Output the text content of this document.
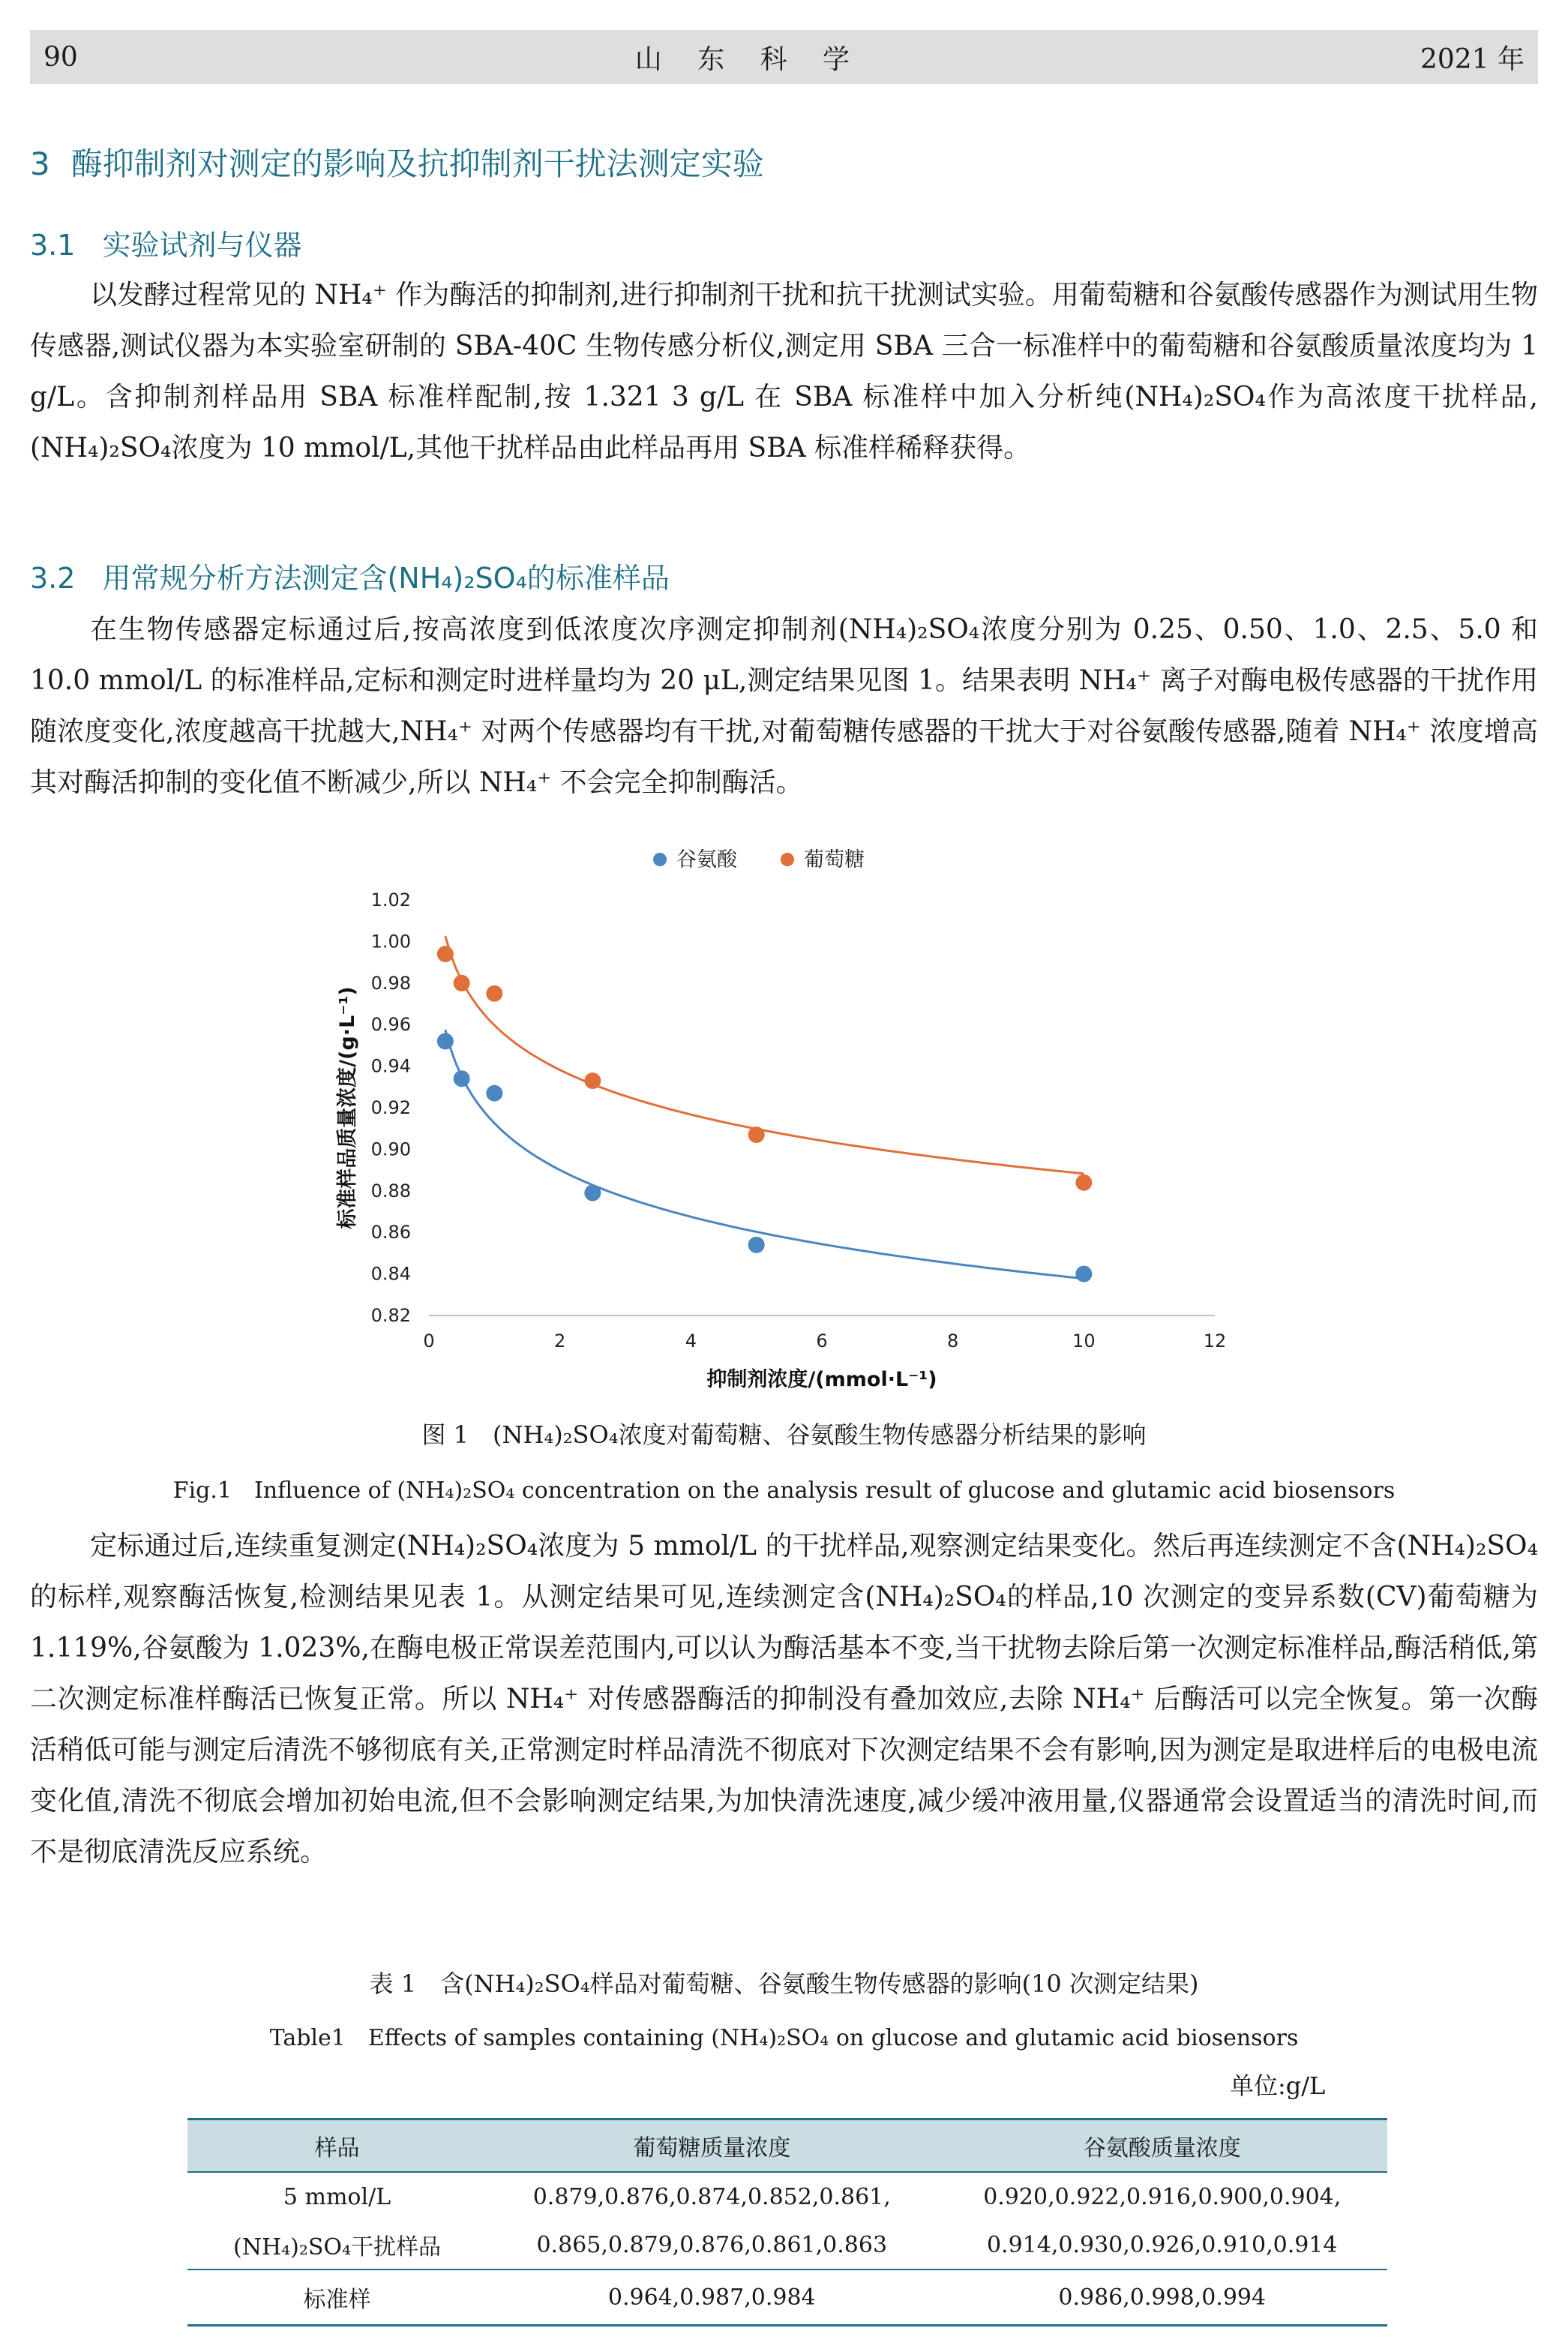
90	山 东 科 学	2021 年
3 酶抑制剂对测定的影响及抗抑制剂干扰法测定实验
3.1 实验试剂与仪器

以发酵过程常见的 NH₄⁺ 作为酶活的抑制剂,进行抑制剂干扰和抗干扰测试实验。用葡萄糖和谷氨酸传感器作为测试用生物传感器,测试仪器为本实验室研制的 SBA-40C 生物传感分析仪,测定用 SBA 三合一标准样中的葡萄糖和谷氨酸质量浓度均为 1 g/L。含抑制剂样品用 SBA 标准样配制,按 1.321 3 g/L 在 SBA 标准样中加入分析纯(NH₄)₂SO₄作为高浓度干扰样品,(NH₄)₂SO₄浓度为 10 mmol/L,其他干扰样品由此样品再用 SBA 标准样稀释获得。

3.2 用常规分析方法测定含(NH₄)₂SO₄的标准样品

在生物传感器定标通过后,按高浓度到低浓度次序测定抑制剂(NH₄)₂SO₄浓度分别为 0.25、0.50、1.0、2.5、5.0 和 10.0 mmol/L 的标准样品,定标和测定时进样量均为 20 μL,测定结果见图 1。结果表明 NH₄⁺ 离子对酶电极传感器的干扰作用随浓度变化,浓度越高干扰越大,NH₄⁺ 对两个传感器均有干扰,对葡萄糖传感器的干扰大于对谷氨酸传感器,随着 NH₄⁺ 浓度增高其对酶活抑制的变化值不断减少,所以 NH₄⁺ 不会完全抑制酶活。

谷氨酸	葡萄糖
0	2	4	6	8	10	12
0.82
0.84
0.86
0.88
0.90
0.92
0.94
0.96
0.98
1.00
1.02
抑制剂浓度/(mmol·L⁻¹)
标准样品质量浓度/(g·L⁻¹)
图 1　(NH₄)₂SO₄浓度对葡萄糖、谷氨酸生物传感器分析结果的影响
Fig.1　Influence of (NH₄)₂SO₄ concentration on the analysis result of glucose and glutamic acid biosensors

定标通过后,连续重复测定(NH₄)₂SO₄浓度为 5 mmol/L 的干扰样品,观察测定结果变化。然后再连续测定不含(NH₄)₂SO₄的标样,观察酶活恢复,检测结果见表 1。从测定结果可见,连续测定含(NH₄)₂SO₄的样品,10 次测定的变异系数(CV)葡萄糖为 1.119%,谷氨酸为 1.023%,在酶电极正常误差范围内,可以认为酶活基本不变,当干扰物去除后第一次测定标准样品,酶活稍低,第二次测定标准样酶活已恢复正常。所以 NH₄⁺ 对传感器酶活的抑制没有叠加效应,去除 NH₄⁺ 后酶活可以完全恢复。第一次酶活稍低可能与测定后清洗不够彻底有关,正常测定时样品清洗不彻底对下次测定结果不会有影响,因为测定是取进样后的电极电流变化值,清洗不彻底会增加初始电流,但不会影响测定结果,为加快清洗速度,减少缓冲液用量,仪器通常会设置适当的清洗时间,而不是彻底清洗反应系统。

表 1　含(NH₄)₂SO₄样品对葡萄糖、谷氨酸生物传感器的影响(10 次测定结果)
Table1　Effects of samples containing (NH₄)₂SO₄ on glucose and glutamic acid biosensors
单位:g/L
样品	葡萄糖质量浓度	谷氨酸质量浓度
5 mmol/L	0.879,0.876,0.874,0.852,0.861,	0.920,0.922,0.916,0.900,0.904,
(NH₄)₂SO₄干扰样品	0.865,0.879,0.876,0.861,0.863	0.914,0.930,0.926,0.910,0.914
标准样	0.964,0.987,0.984	0.986,0.998,0.994
